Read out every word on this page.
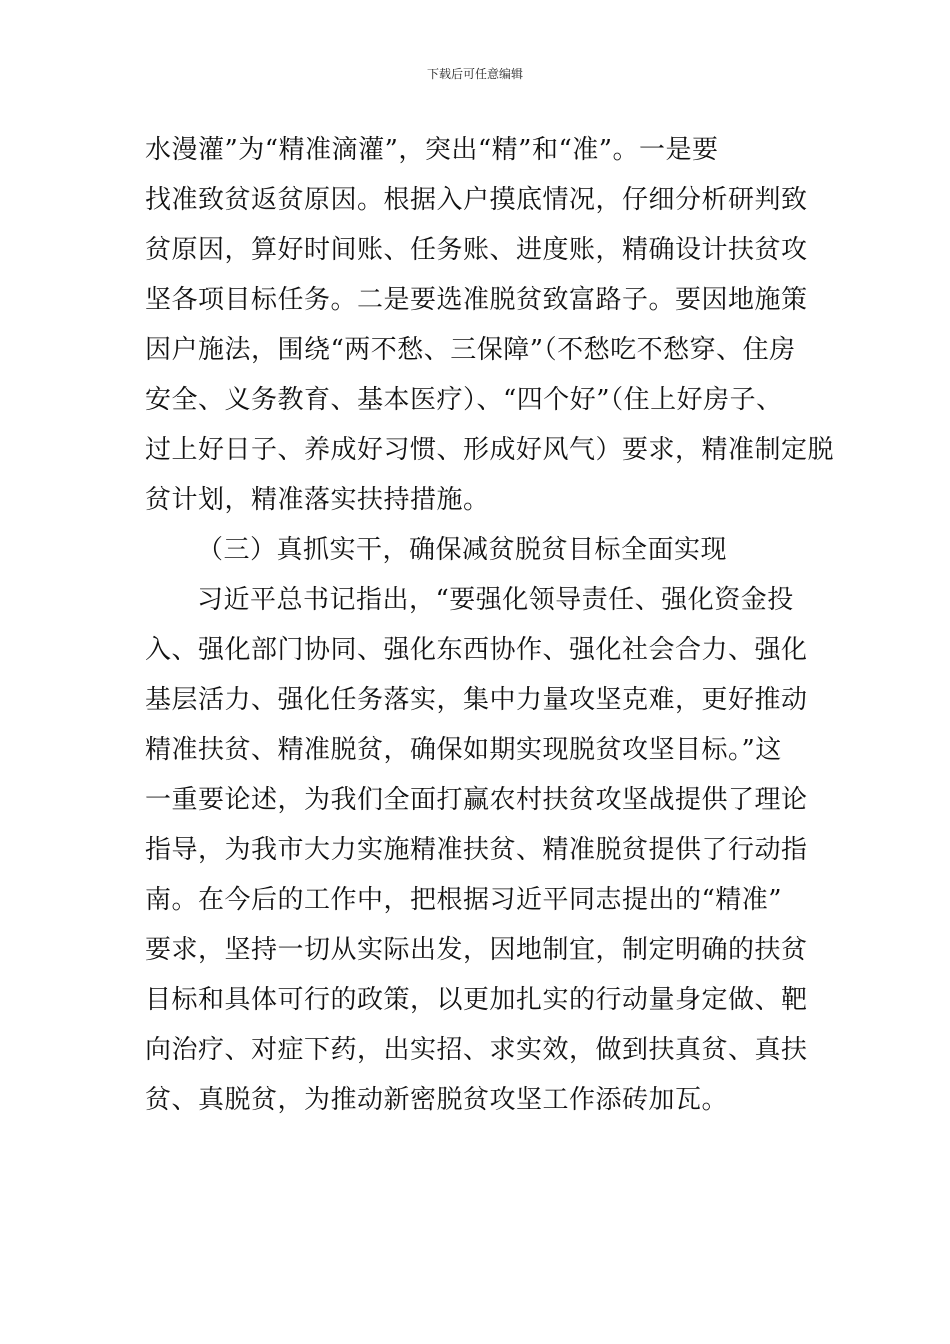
下载后可任意编辑
水漫灌”为“精准滴灌”，突出“精”和“准”。一是要
找准致贫返贫原因。根据入户摸底情况，仔细分析研判致
贫原因，算好时间账、任务账、进度账，精确设计扶贫攻
坚各项目标任务。二是要选准脱贫致富路子。要因地施策
因户施法，围绕“两不愁、三保障”（不愁吃不愁穿、住房
安全、义务教育、基本医疗）、“四个好”（住上好房子、
过上好日子、养成好习惯、形成好风气）要求，精准制定脱
贫计划，精准落实扶持措施。
（三）真抓实干，确保减贫脱贫目标全面实现
习近平总书记指出，“要强化领导责任、强化资金投
入、强化部门协同、强化东西协作、强化社会合力、强化
基层活力、强化任务落实，集中力量攻坚克难，更好推动
精准扶贫、精准脱贫，确保如期实现脱贫攻坚目标。”这
一重要论述，为我们全面打赢农村扶贫攻坚战提供了理论
指导，为我市大力实施精准扶贫、精准脱贫提供了行动指
南。在今后的工作中，把根据习近平同志提出的“精准”
要求，坚持一切从实际出发，因地制宜，制定明确的扶贫
目标和具体可行的政策，以更加扎实的行动量身定做、靶
向治疗、对症下药，出实招、求实效，做到扶真贫、真扶
贫、真脱贫，为推动新密脱贫攻坚工作添砖加瓦。
